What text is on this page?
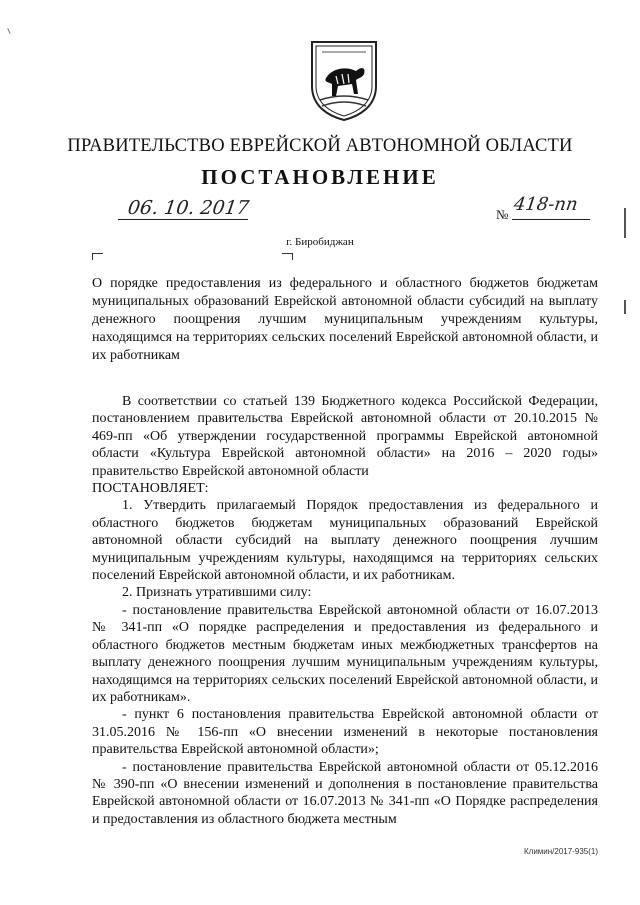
ПРАВИТЕЛЬСТВО ЕВРЕЙСКОЙ АВТОНОМНОЙ ОБЛАСТИ
ПОСТАНОВЛЕНИЕ
06. 10. 2017	№ 418-пп
г. Биробиджан
О порядке предоставления из федерального и областного бюджетов бюджетам муниципальных образований Еврейской автономной области субсидий на выплату денежного поощрения лучшим муниципальным учреждениям культуры, находящимся на территориях сельских поселений Еврейской автономной области, и их работникам

В соответствии со статьей 139 Бюджетного кодекса Российской Федерации, постановлением правительства Еврейской автономной области от 20.10.2015 № 469-пп «Об утверждении государственной программы Еврейской автономной области «Культура Еврейской автономной области» на 2016 – 2020 годы» правительство Еврейской автономной области

ПОСТАНОВЛЯЕТ:

1. Утвердить прилагаемый Порядок предоставления из федерального и областного бюджетов бюджетам муниципальных образований Еврейской автономной области субсидий на выплату денежного поощрения лучшим муниципальным учреждениям культуры, находящимся на территориях сельских поселений Еврейской автономной области, и их работникам.

2. Признать утратившими силу:

- постановление правительства Еврейской автономной области от 16.07.2013 № 341-пп «О порядке распределения и предоставления из федерального и областного бюджетов местным бюджетам иных межбюджетных трансфертов на выплату денежного поощрения лучшим муниципальным учреждениям культуры, находящимся на территориях сельских поселений Еврейской автономной области, и их работникам».

- пункт 6 постановления правительства Еврейской автономной области от 31.05.2016 № 156-пп «О внесении изменений в некоторые постановления правительства Еврейской автономной области»;

- постановление правительства Еврейской автономной области от 05.12.2016 № 390-пп «О внесении изменений и дополнения в постановление правительства Еврейской автономной области от 16.07.2013 № 341-пп «О Порядке распределения и предоставления из областного бюджета местным

Климин/2017-935(1)
